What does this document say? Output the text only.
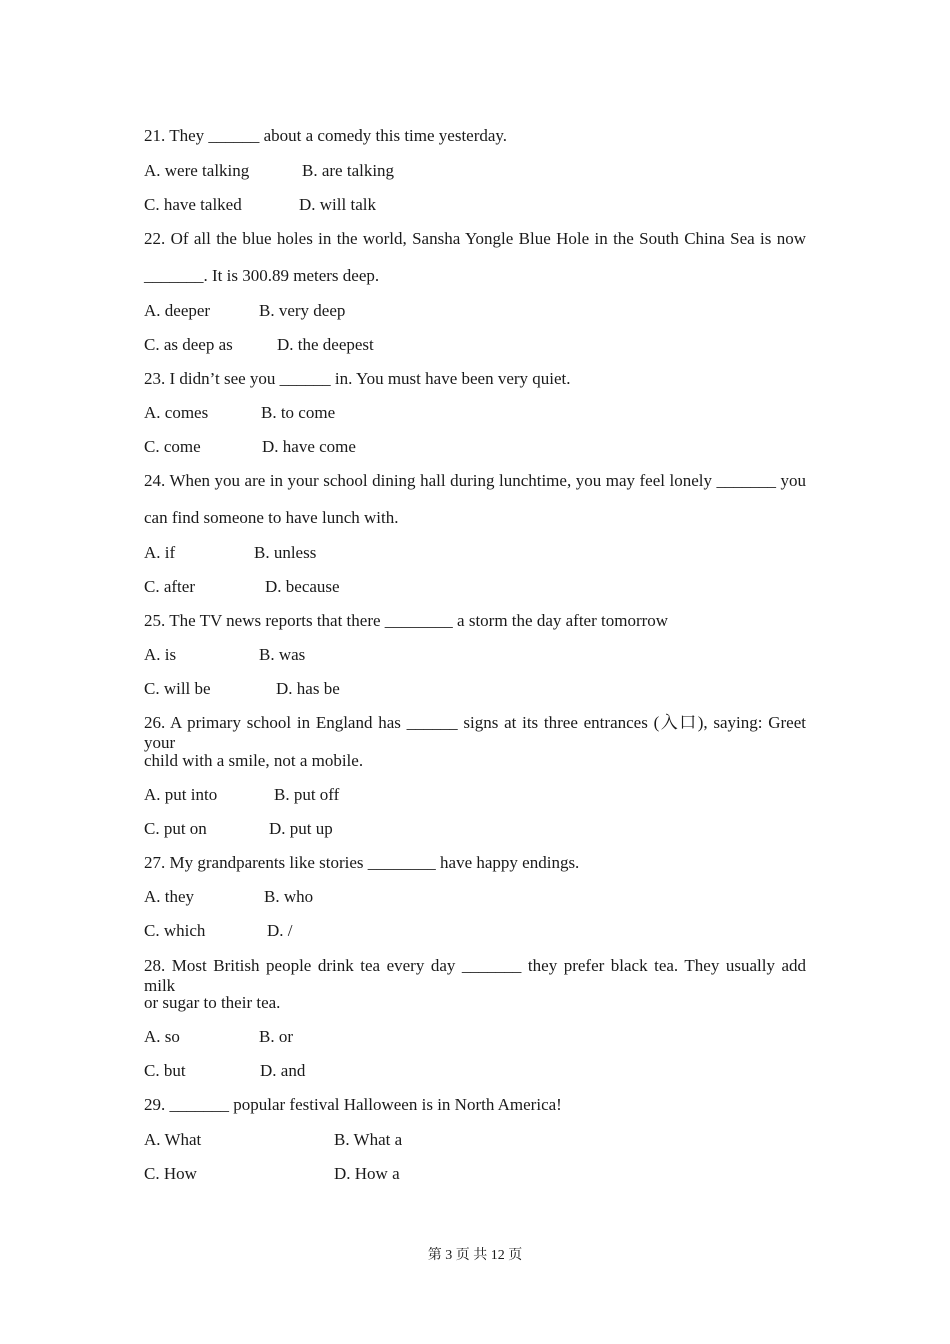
21. They ______ about a comedy this time yesterday.
A. were talking	B. are talking
C. have talked	D. will talk
22. Of all the blue holes in the world, Sansha Yongle Blue Hole in the South China Sea is now
_______. It is 300.89 meters deep.
A. deeper	B. very deep
C. as deep as	D. the deepest
23. I didn’t see you ______ in. You must have been very quiet.
A. comes	B. to come
C. come	D. have come
24. When you are in your school dining hall during lunchtime, you may feel lonely _______ you
can find someone to have lunch with.
A. if	B. unless
C. after	D. because
25. The TV news reports that there ________ a storm the day after tomorrow
A. is	B. was
C. will be	D. has be
26. A primary school in England has ______ signs at its three entrances (入口), saying: Greet your
child with a smile, not a mobile.
A. put into	B. put off
C. put on	D. put up
27. My grandparents like stories ________ have happy endings.
A. they	B. who
C. which	D. /
28. Most British people drink tea every day _______ they prefer black tea. They usually add milk
or sugar to their tea.
A. so	B. or
C. but	D. and
29. _______ popular festival Halloween is in North America!
A. What	B. What a
C. How	D. How a
第 3 页 共 12 页
